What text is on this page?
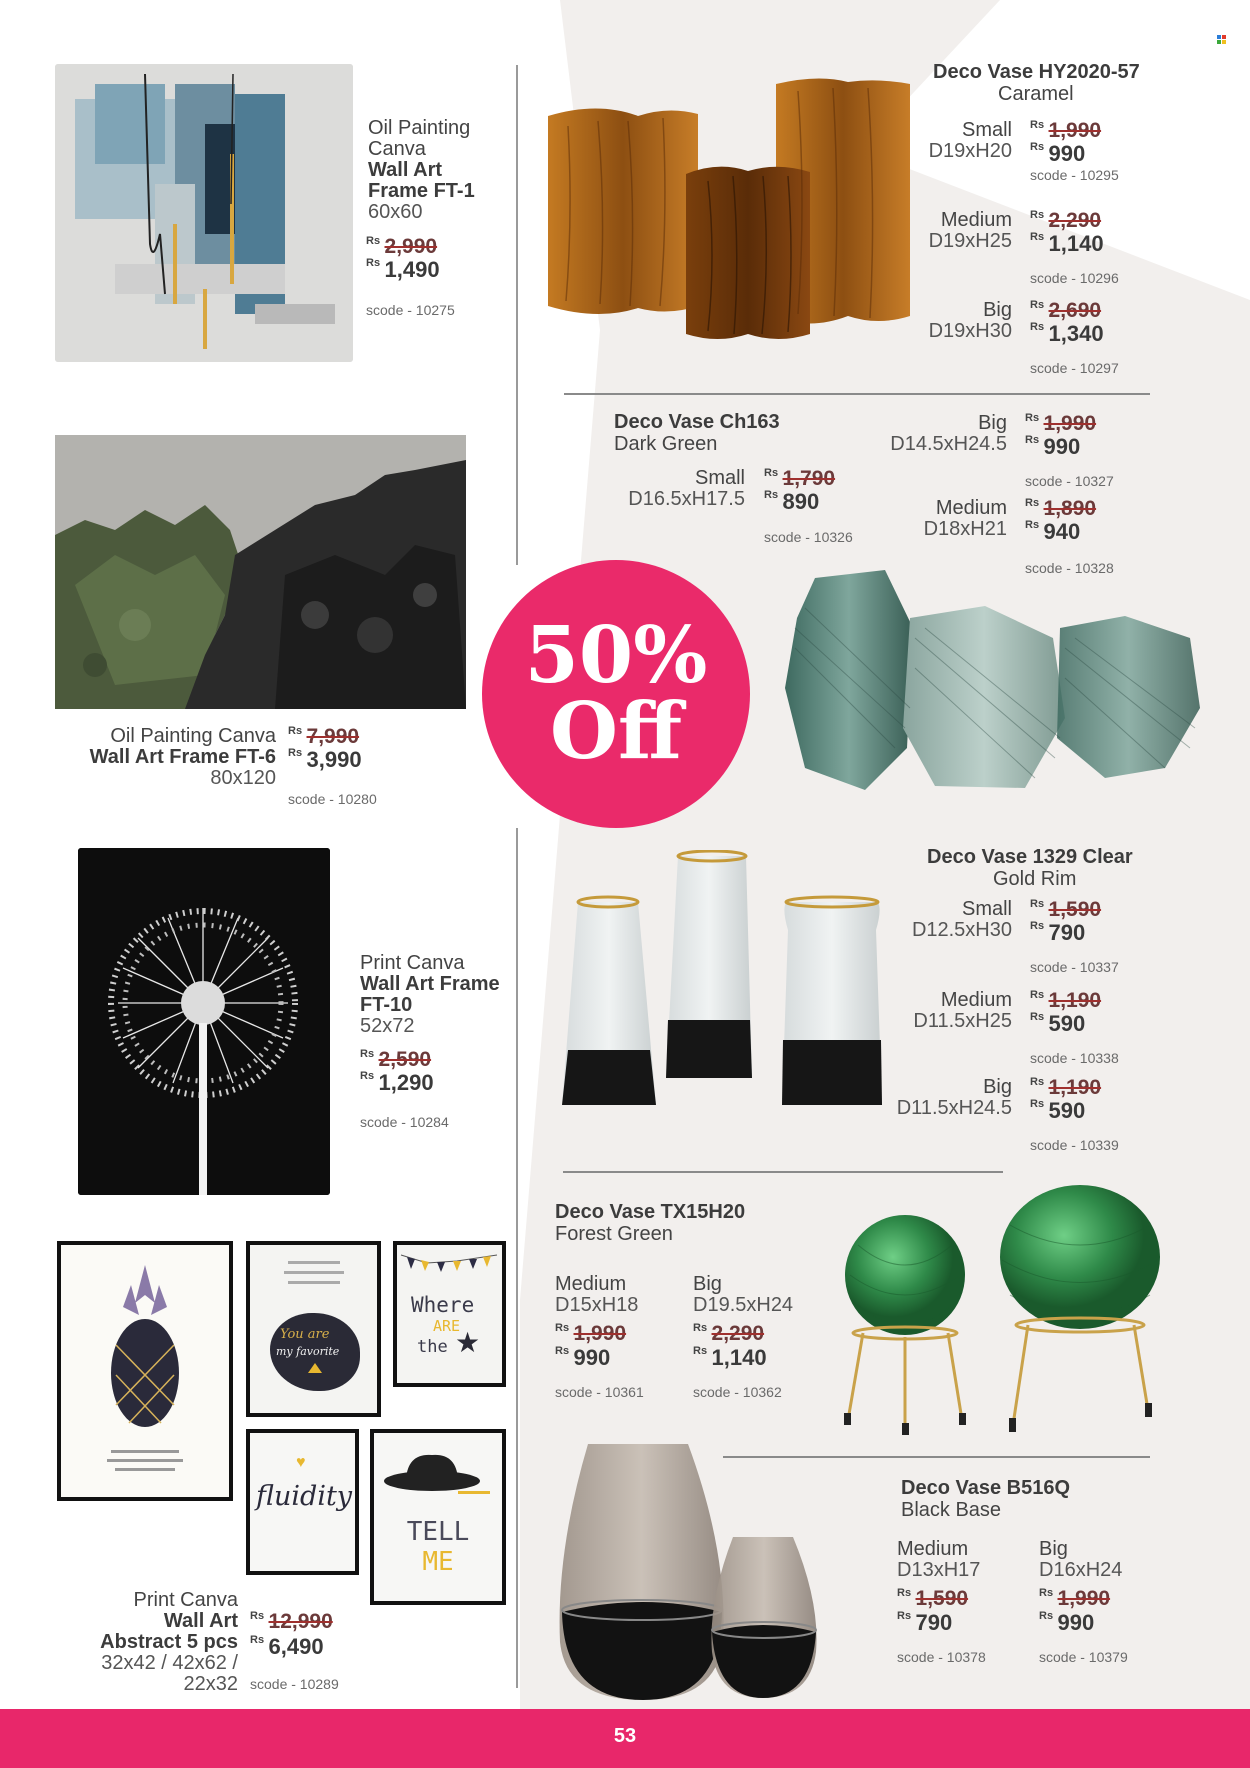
Oil Painting
Canva
Wall Art
Frame FT-1
60x60
$^{Rs}$ 2,990
$^{Rs}$ 1,490
scode - 10275
Oil Painting Canva
Wall Art Frame FT-6
80x120
$^{Rs}$ 7,990
$^{Rs}$ 3,990
scode - 10280
Print Canva
Wall Art Frame
FT-10
52x72
$^{Rs}$ 2,590
$^{Rs}$ 1,290
scode - 10284
You are
my favorite
Where
ARE
the ★
♥
fluidity
TELL
ME
Print Canva
Wall Art
Abstract 5 pcs
32x42 / 42x62 /
22x32
$^{Rs}$ 12,990
$^{Rs}$ 6,490
scode - 10289
Deco Vase HY2020-57
Caramel
Small
D19xH20
$^{Rs}$ 1,990
$^{Rs}$ 990
scode - 10295
Medium
D19xH25
$^{Rs}$ 2,290
$^{Rs}$ 1,140
scode - 10296
Big
D19xH30
$^{Rs}$ 2,690
$^{Rs}$ 1,340
scode - 10297
Deco Vase Ch163
Dark Green
Small
D16.5xH17.5
$^{Rs}$ 1,790
$^{Rs}$ 890
scode - 10326
Big
D14.5xH24.5
$^{Rs}$ 1,990
$^{Rs}$ 990
scode - 10327
Medium
D18xH21
$^{Rs}$ 1,890
$^{Rs}$ 940
scode - 10328
50%
Off
Deco Vase 1329 Clear
Gold Rim
Small
D12.5xH30
$^{Rs}$ 1,590
$^{Rs}$ 790
scode - 10337
Medium
D11.5xH25
$^{Rs}$ 1,190
$^{Rs}$ 590
scode - 10338
Big
D11.5xH24.5
$^{Rs}$ 1,190
$^{Rs}$ 590
scode - 10339
Deco Vase TX15H20
Forest Green
Medium
D15xH18
$^{Rs}$ 1,990
$^{Rs}$ 990
scode - 10361
Big
D19.5xH24
$^{Rs}$ 2,290
$^{Rs}$ 1,140
scode - 10362
Deco Vase B516Q
Black Base
Medium
D13xH17
$^{Rs}$ 1,590
$^{Rs}$ 790
scode - 10378
Big
D16xH24
$^{Rs}$ 1,990
$^{Rs}$ 990
scode - 10379
53
